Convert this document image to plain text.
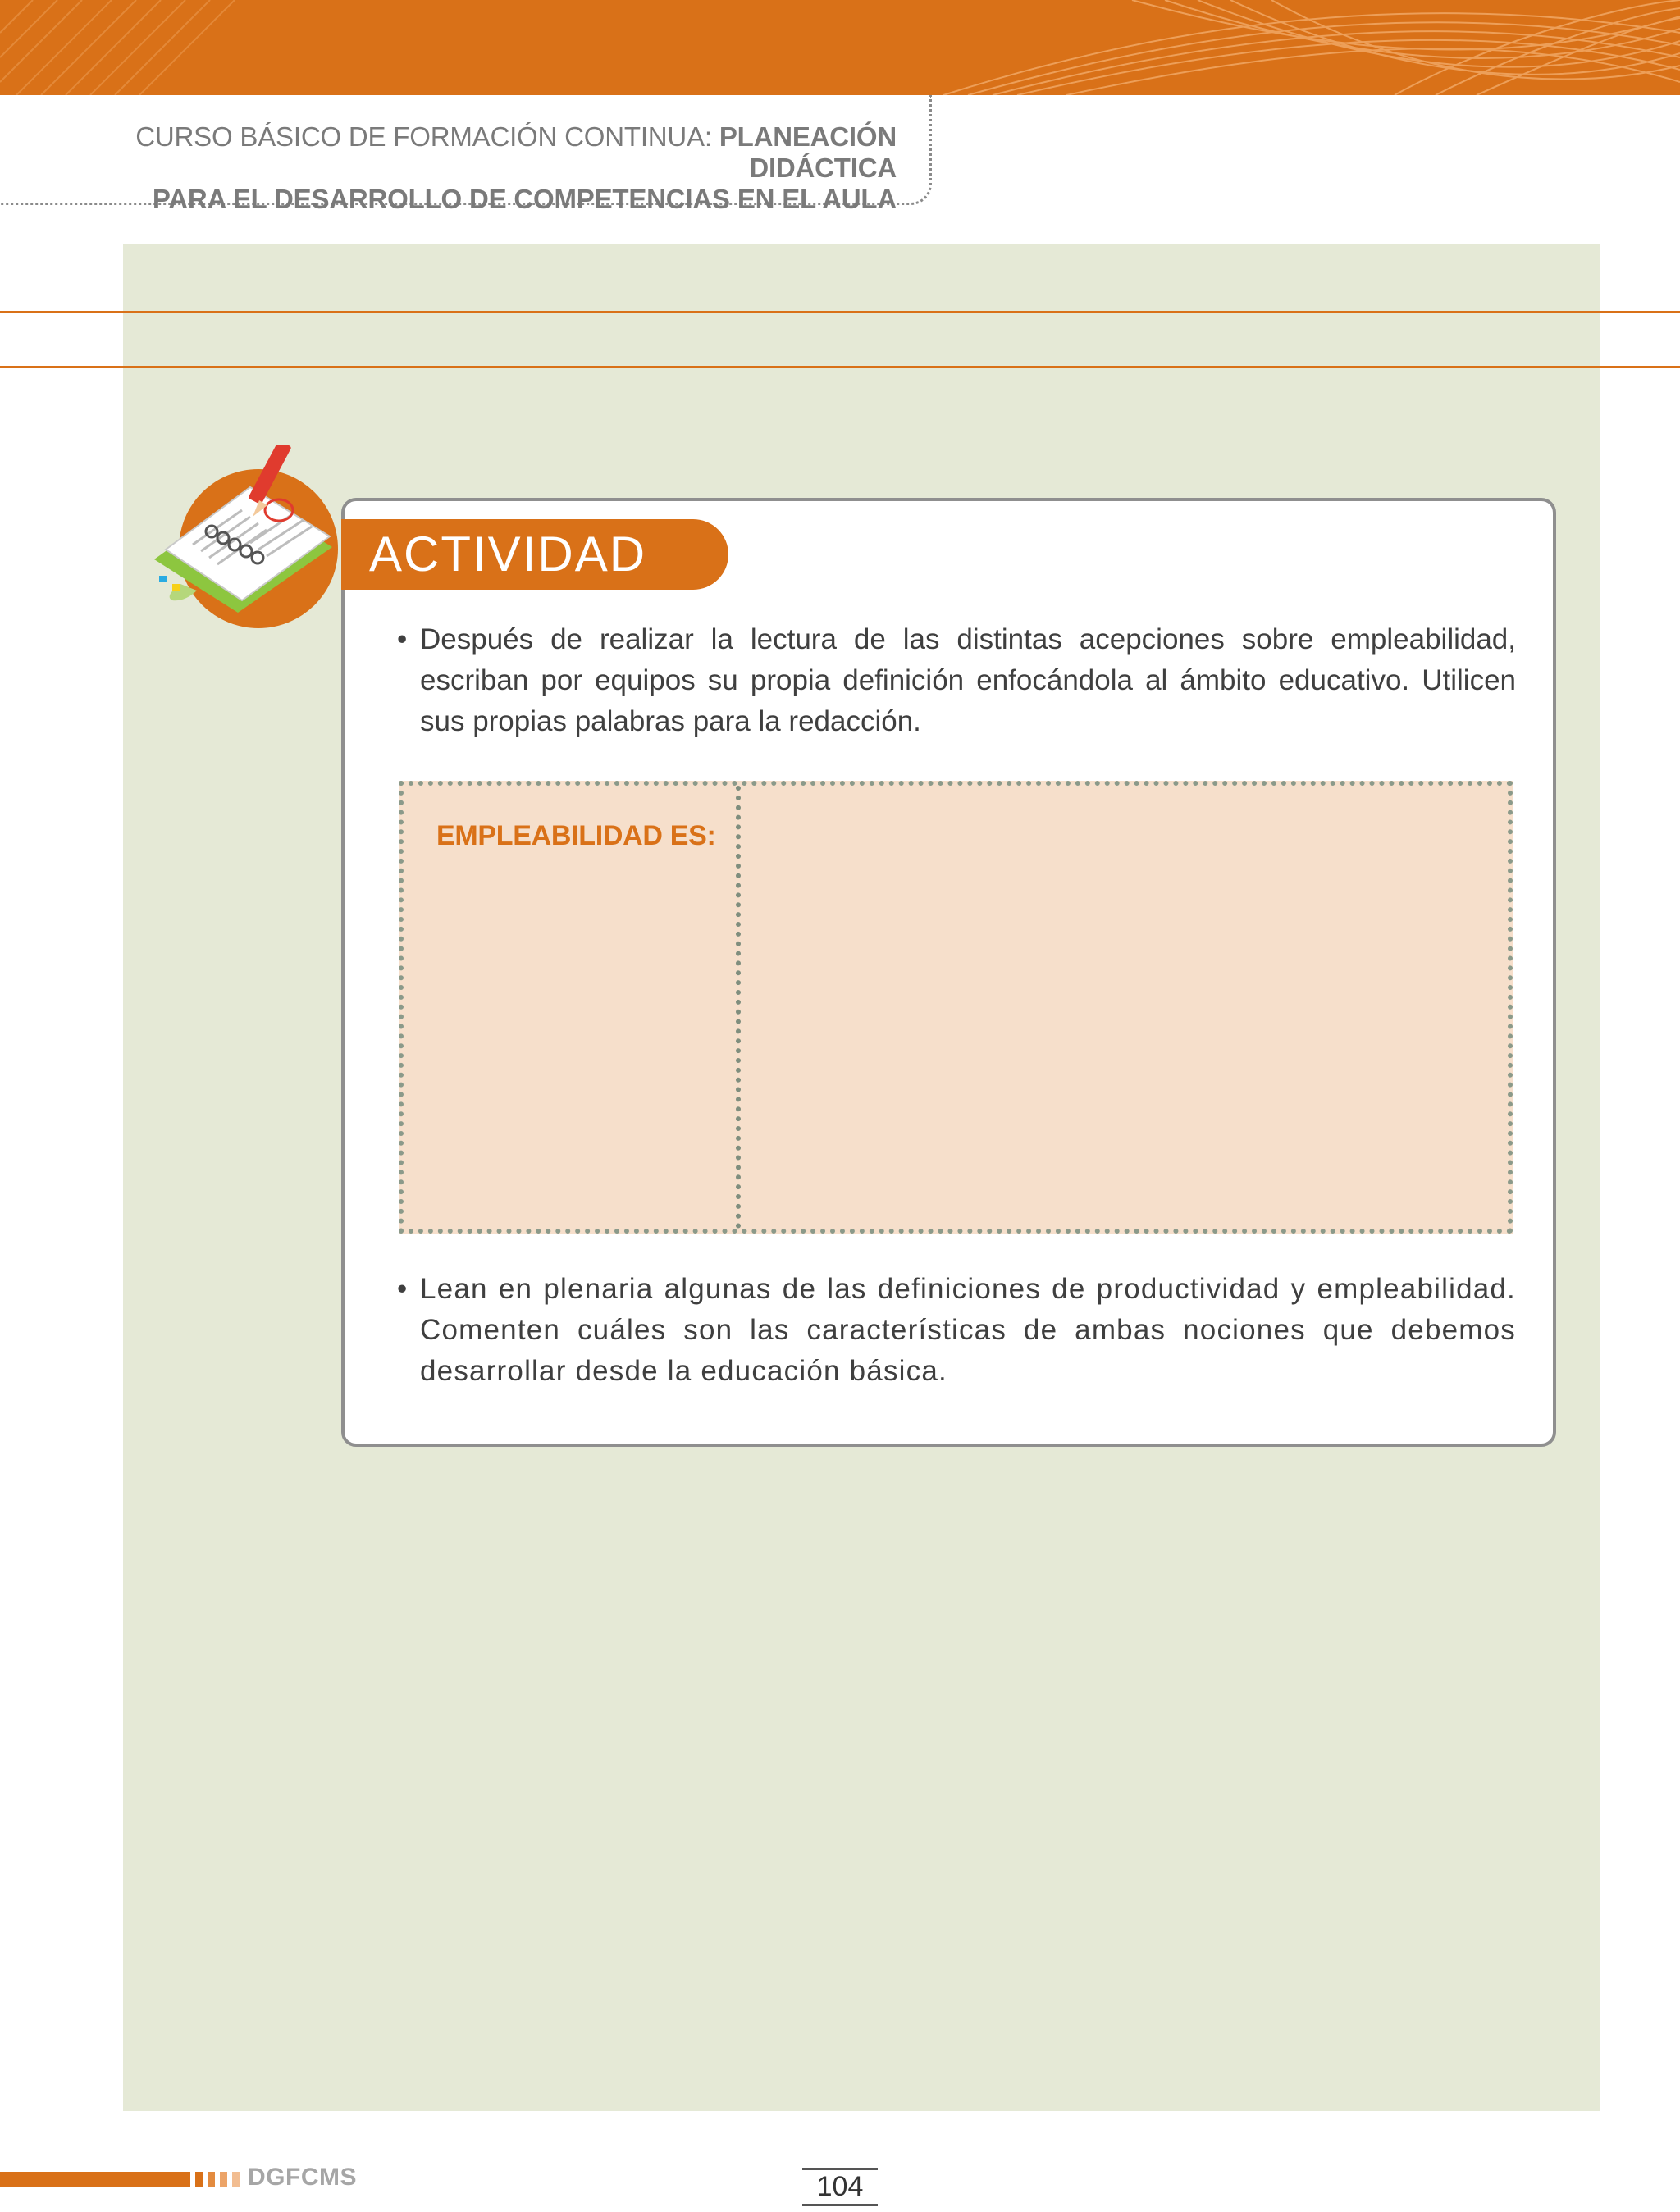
CURSO BÁSICO DE FORMACIÓN CONTINUA: PLANEACIÓN DIDÁCTICA
PARA EL DESARROLLO DE COMPETENCIAS EN EL AULA
ACTIVIDAD
• Después de realizar la lectura de las distintas acepciones sobre empleabilidad, escriban por equipos su propia definición enfocándola al ámbito educativo. Utilicen sus propias palabras para la redacción.
EMPLEABILIDAD ES:
• Lean en plenaria algunas de las definiciones de productividad y empleabilidad. Comenten cuáles son las características de ambas nociones que debemos desarrollar desde la educación básica.
DGFCMS	104
